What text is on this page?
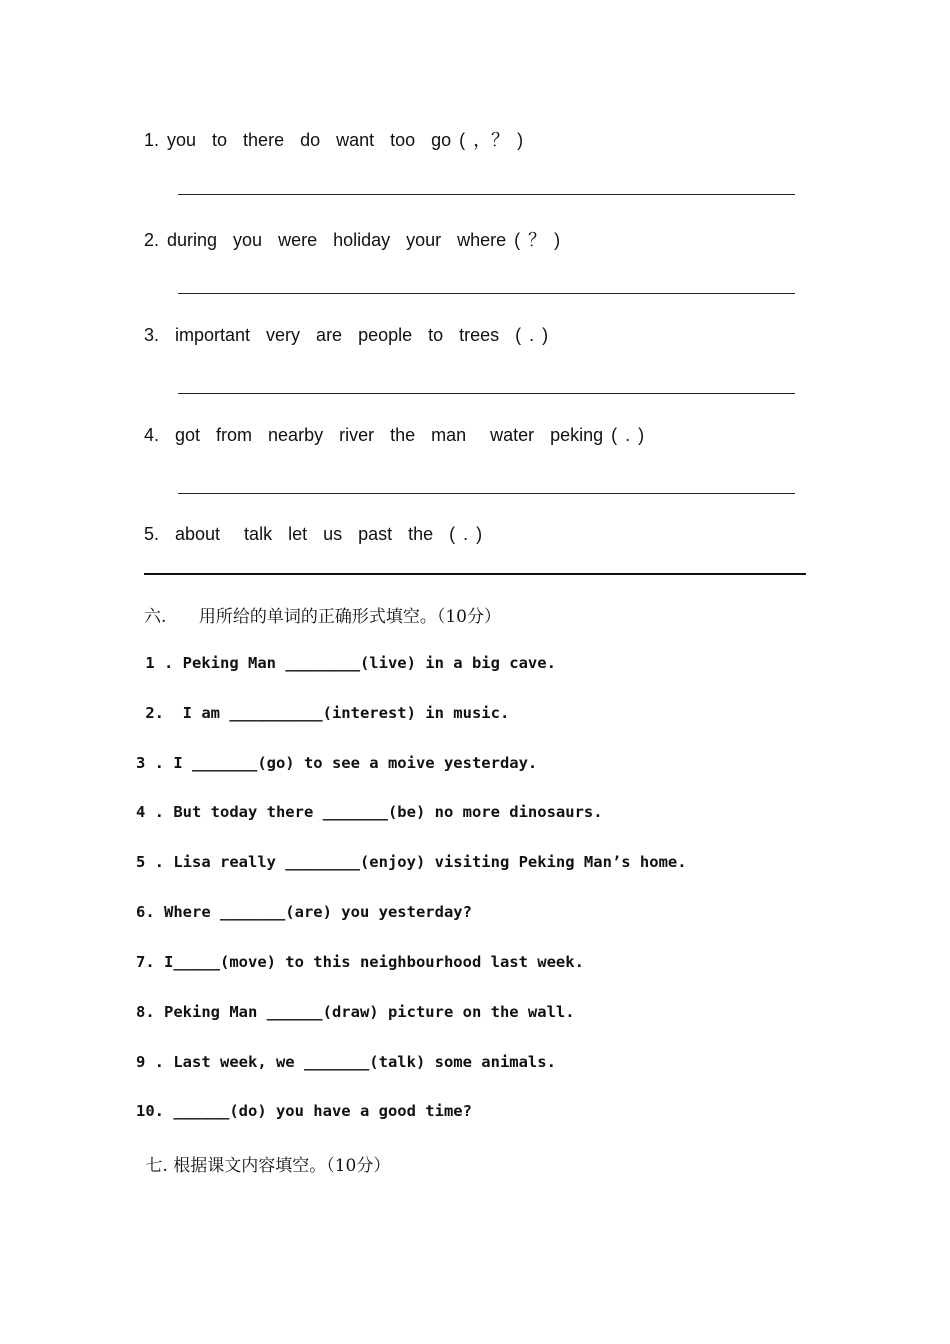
1. you  to  there  do  want  too  go ( ，？ )
2. during  you  were  holiday  your  where ( ？ )
3.  important  very  are  people  to  trees  ( . )
4.  got  from  nearby  river  the  man   water  peking ( . )
5.  about   talk  let  us  past  the  ( . )
六.      用所给的单词的正确形式填空。（10分）
1 . Peking Man ________(live) in a big cave.
2.  I am __________(interest) in music.
3 . I _______(go) to see a moive yesterday.
4 . But today there _______(be) no more dinosaurs.
5 . Lisa really ________(enjoy) visiting Peking Man’s home.
6. Where _______(are) you yesterday?
7. I_____(move) to this neighbourhood last week.
8. Peking Man ______(draw) picture on the wall.
9 . Last week, we _______(talk) some animals.
10. ______(do) you have a good time?
七. 根据课文内容填空。（10分）
